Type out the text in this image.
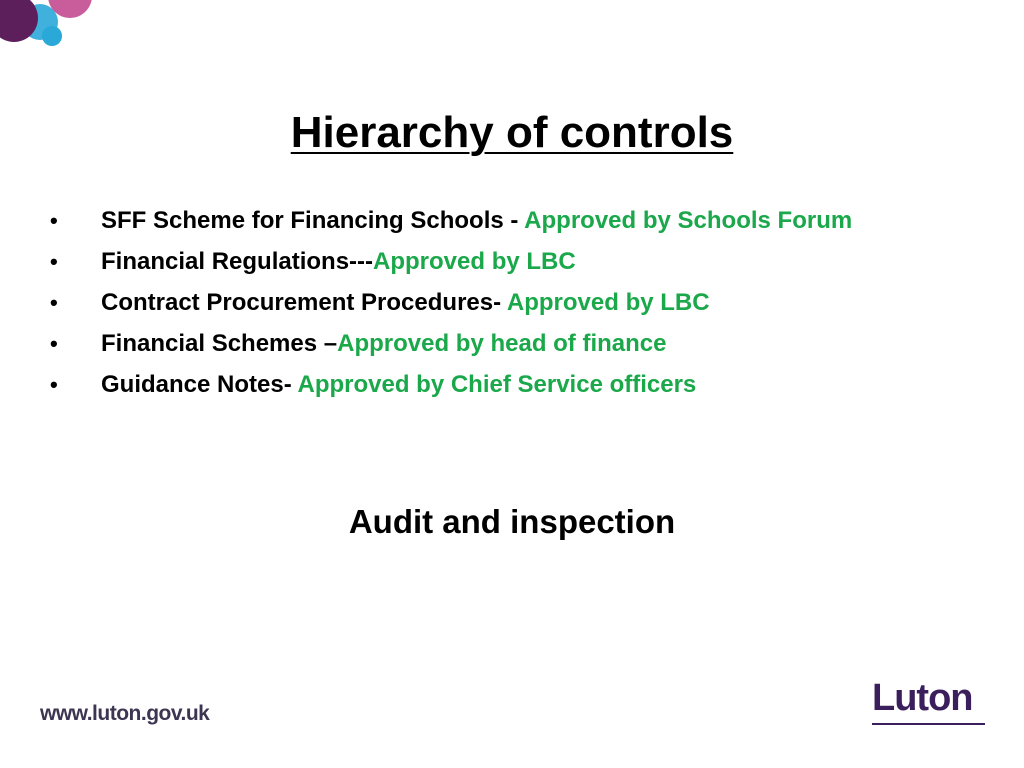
Hierarchy of controls
• SFF Scheme for Financing Schools - Approved by Schools Forum
• Financial Regulations---Approved by LBC
• Contract Procurement Procedures- Approved by LBC
• Financial Schemes –Approved by head of finance
• Guidance Notes- Approved by Chief Service officers
Audit and inspection
www.luton.gov.uk	Luton
